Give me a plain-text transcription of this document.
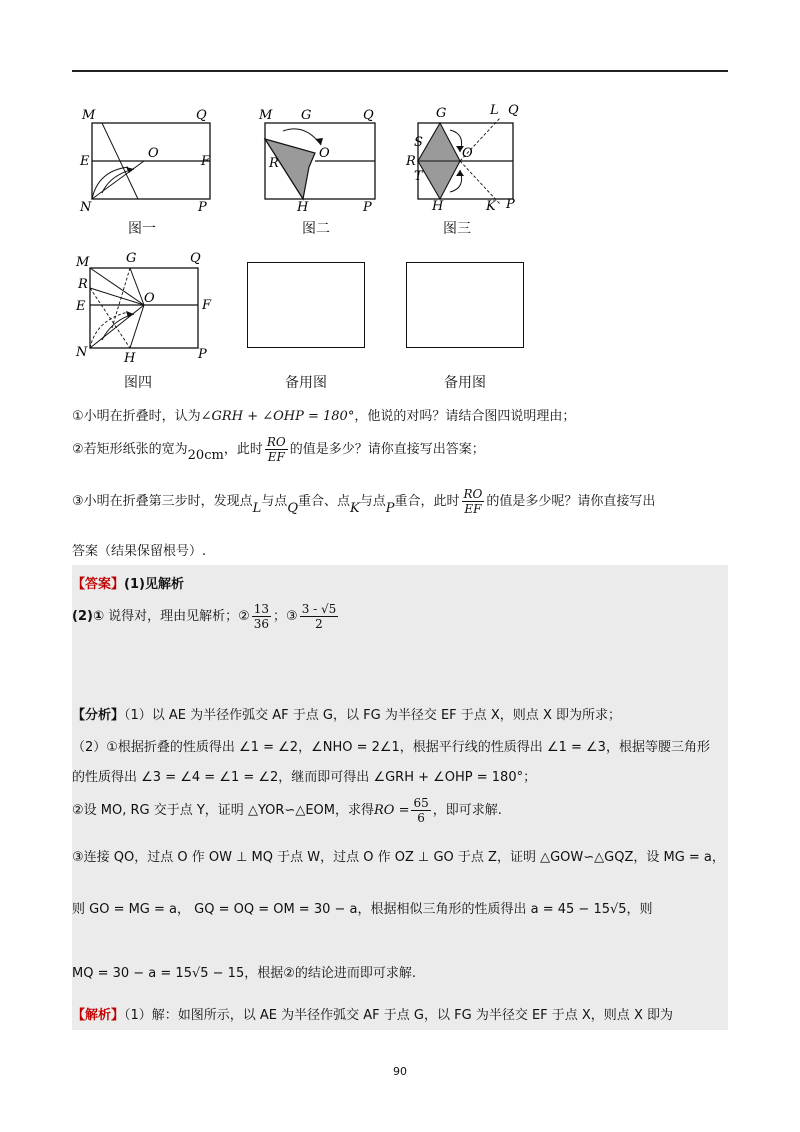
M	Q
E
O
F
N	P
图一
M G	Q
R
O
H	P
图二
G	L Q
S
R
O
T
H	K P
图三
M	G	Q
R
E
O	F
N	H	P
图四	备用图	备用图
①小明在折叠时，认为∠GRH + ∠OHP = 180°，他说的对吗？请结合图四说明理由；
②若矩形纸张的宽为20cm，此时 $\frac{RO}{EF}$ 的值是多少？请你直接写出答案；
③小明在折叠第三步时，发现点L与点Q重合、点K与点P重合，此时 $\frac{RO}{EF}$ 的值是多少呢？请你直接写出
答案（结果保留根号）.
【答案】(1)见解析
(2)① 说得对，理由见解析；② $\frac{13}{36}$ ；③ $\frac{3 - √5}{2}$
【分析】（1）以 AE 为半径作弧交 AF 于点 G，以 FG 为半径交 EF 于点 X，则点 X 即为所求；
（2）①根据折叠的性质得出 ∠1 = ∠2，∠NHO = 2∠1，根据平行线的性质得出 ∠1 = ∠3，根据等腰三角形
的性质得出 ∠3 = ∠4 = ∠1 = ∠2，继而即可得出 ∠GRH + ∠OHP = 180°；
②设 MO, RG 交于点 Y，证明 △YOR∽△EOM，求得RO = $\frac{65}{6}$ ，即可求解.
③连接 QO，过点 O 作 OW ⊥ MQ 于点 W，过点 O 作 OZ ⊥ GO 于点 Z，证明 △GOW∽△GQZ，设 MG = a，
则 GO = MG = a， GQ = OQ = OM = 30 − a，根据相似三角形的性质得出 a = 45 − 15√5，则
MQ = 30 − a = 15√5 − 15，根据②的结论进而即可求解.
【解析】（1）解：如图所示，以 AE 为半径作弧交 AF 于点 G，以 FG 为半径交 EF 于点 X，则点 X 即为
90
